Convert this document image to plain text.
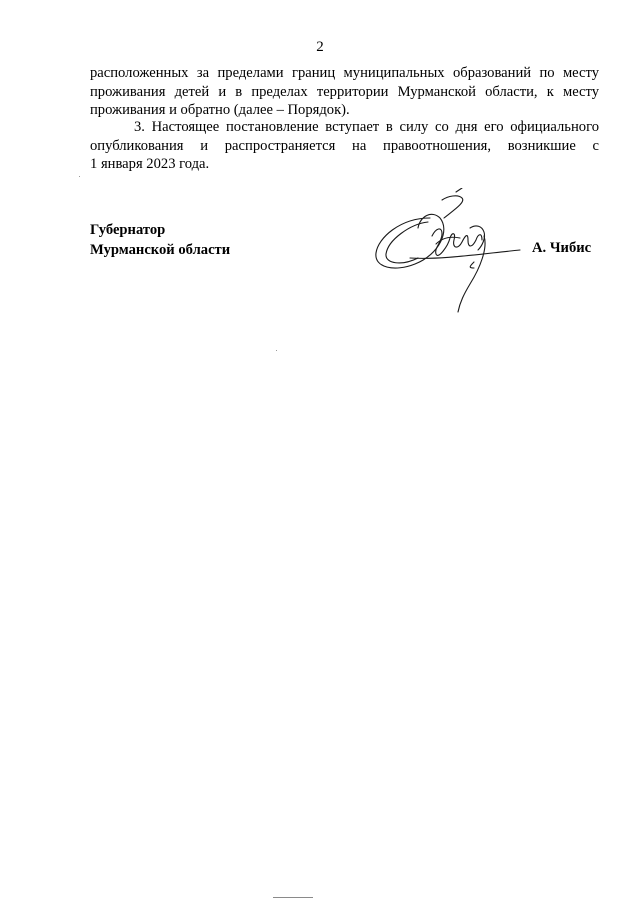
2
расположенных за пределами границ муниципальных образований по месту
проживания детей и в пределах территории Мурманской области, к месту
проживания и обратно (далее – Порядок).
3. Настоящее постановление вступает в силу со дня его официального
опубликования и распространяется на правоотношения, возникшие с
1 января 2023 года.
Губернатор
Мурманской области	А. Чибис
